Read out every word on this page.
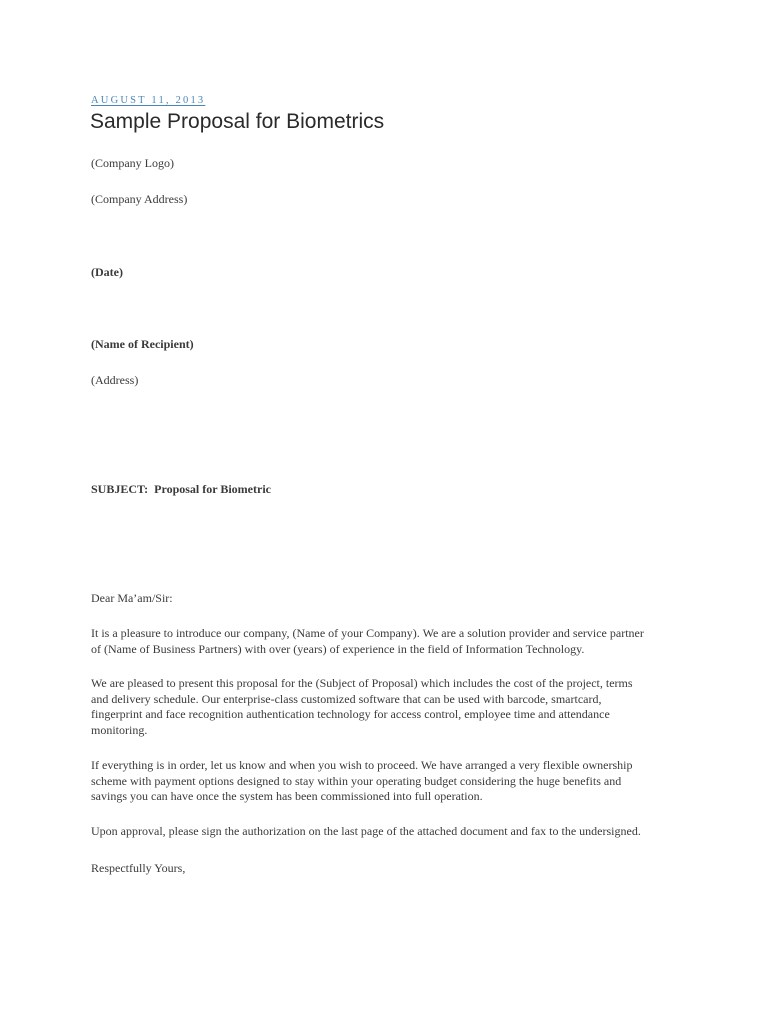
AUGUST 11, 2013
Sample Proposal for Biometrics
(Company Logo)
(Company Address)
(Date)
(Name of Recipient)
(Address)
SUBJECT: Proposal for Biometric
Dear Ma’am/Sir:
It is a pleasure to introduce our company, (Name of your Company). We are a solution provider and service partner
of (Name of Business Partners) with over (years) of experience in the field of Information Technology.
We are pleased to present this proposal for the (Subject of Proposal) which includes the cost of the project, terms
and delivery schedule. Our enterprise-class customized software that can be used with barcode, smartcard,
fingerprint and face recognition authentication technology for access control, employee time and attendance
monitoring.
If everything is in order, let us know and when you wish to proceed. We have arranged a very flexible ownership
scheme with payment options designed to stay within your operating budget considering the huge benefits and
savings you can have once the system has been commissioned into full operation.
Upon approval, please sign the authorization on the last page of the attached document and fax to the undersigned.
Respectfully Yours,
